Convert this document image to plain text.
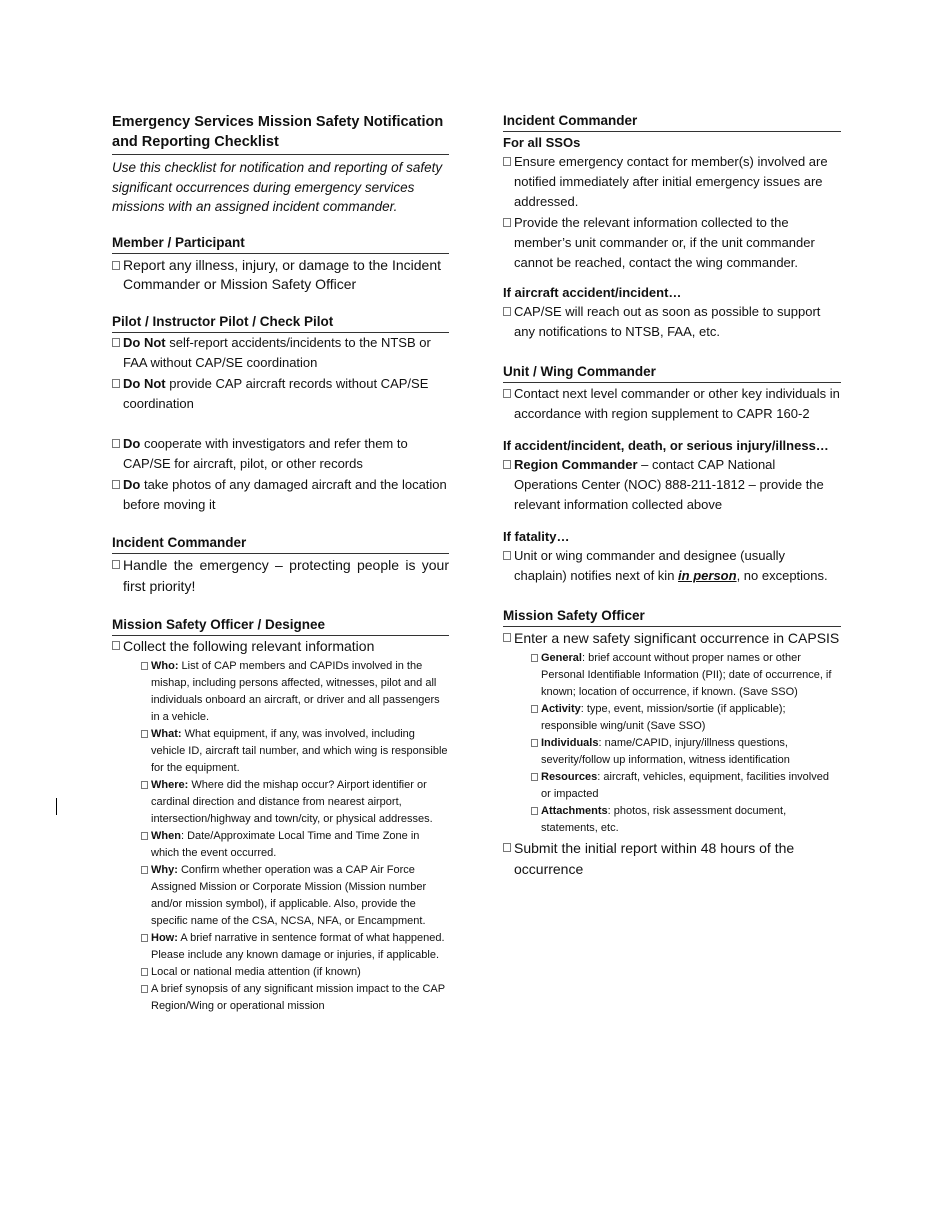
Emergency Services Mission Safety Notification and Reporting Checklist
Use this checklist for notification and reporting of safety significant occurrences during emergency services missions with an assigned incident commander.
Member / Participant
Report any illness, injury, or damage to the Incident Commander or Mission Safety Officer
Pilot / Instructor Pilot / Check Pilot
Do Not self-report accidents/incidents to the NTSB or FAA without CAP/SE coordination
Do Not provide CAP aircraft records without CAP/SE coordination
Do cooperate with investigators and refer them to CAP/SE for aircraft, pilot, or other records
Do take photos of any damaged aircraft and the location before moving it
Incident Commander
Handle the emergency – protecting people is your first priority!
Mission Safety Officer / Designee
Collect the following relevant information
Who: List of CAP members and CAPIDs involved in the mishap, including persons affected, witnesses, pilot and all individuals onboard an aircraft, or driver and all passengers in a vehicle.
What: What equipment, if any, was involved, including vehicle ID, aircraft tail number, and which wing is responsible for the equipment.
Where: Where did the mishap occur? Airport identifier or cardinal direction and distance from nearest airport, intersection/highway and town/city, or physical addresses.
When: Date/Approximate Local Time and Time Zone in which the event occurred.
Why: Confirm whether operation was a CAP Air Force Assigned Mission or Corporate Mission (Mission number and/or mission symbol), if applicable. Also, provide the specific name of the CSA, NCSA, NFA, or Encampment.
How: A brief narrative in sentence format of what happened. Please include any known damage or injuries, if applicable.
Local or national media attention (if known)
A brief synopsis of any significant mission impact to the CAP Region/Wing or operational mission
Incident Commander
For all SSOs
Ensure emergency contact for member(s) involved are notified immediately after initial emergency issues are addressed.
Provide the relevant information collected to the member’s unit commander or, if the unit commander cannot be reached, contact the wing commander.
If aircraft accident/incident…
CAP/SE will reach out as soon as possible to support any notifications to NTSB, FAA, etc.
Unit / Wing Commander
Contact next level commander or other key individuals in accordance with region supplement to CAPR 160-2
If accident/incident, death, or serious injury/illness…
Region Commander – contact CAP National Operations Center (NOC) 888-211-1812 – provide the relevant information collected above
If fatality…
Unit or wing commander and designee (usually chaplain) notifies next of kin in person, no exceptions.
Mission Safety Officer
Enter a new safety significant occurrence in CAPSIS
General: brief account without proper names or other Personal Identifiable Information (PII); date of occurrence, if known; location of occurrence, if known. (Save SSO)
Activity: type, event, mission/sortie (if applicable); responsible wing/unit (Save SSO)
Individuals: name/CAPID, injury/illness questions, severity/follow up information, witness identification
Resources: aircraft, vehicles, equipment, facilities involved or impacted
Attachments: photos, risk assessment document, statements, etc.
Submit the initial report within 48 hours of the occurrence
